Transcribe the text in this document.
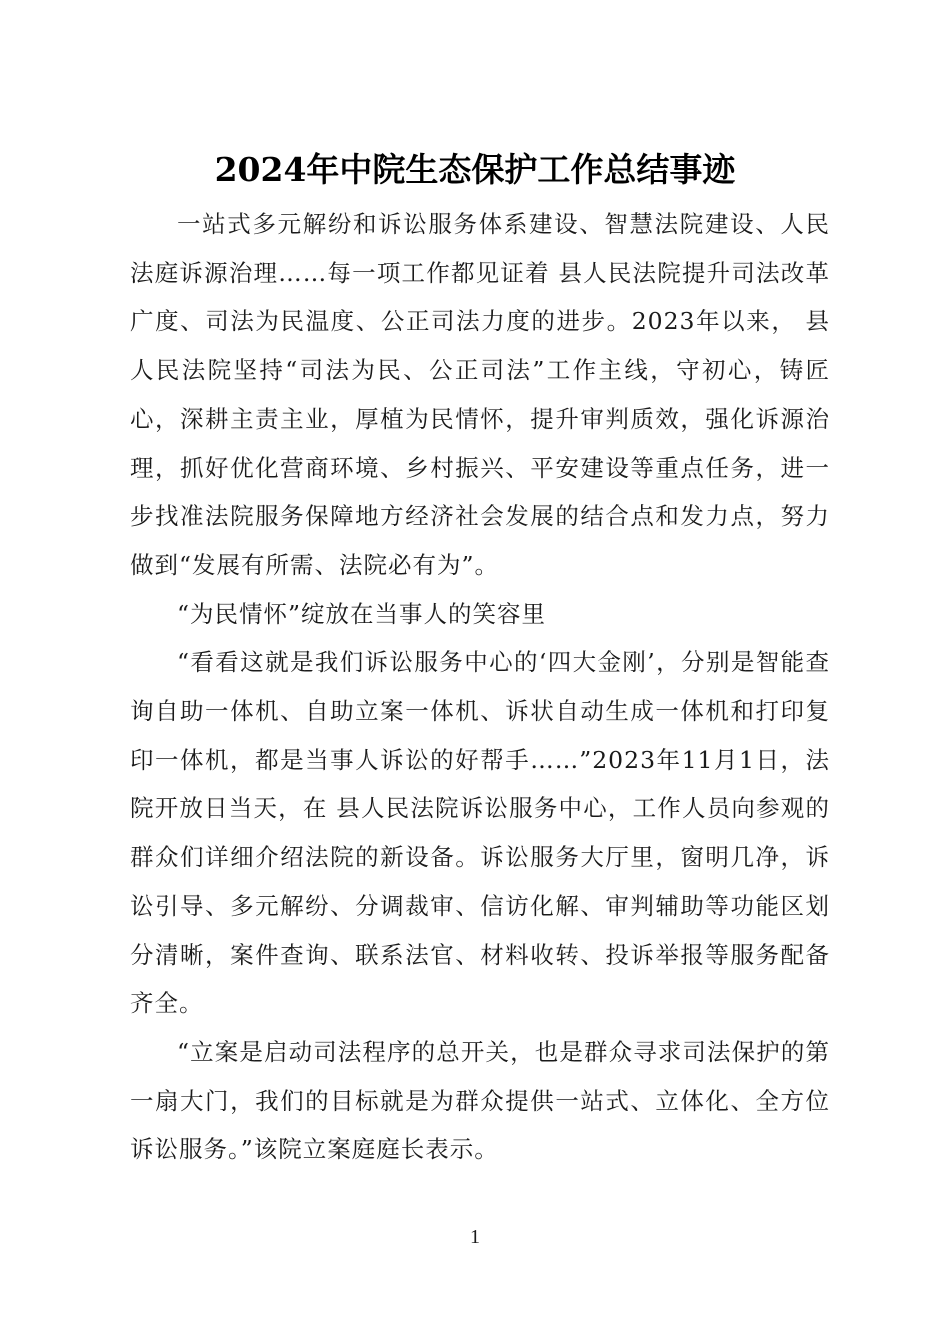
2024年中院生态保护工作总结事迹

一站式多元解纷和诉讼服务体系建设、智慧法院建设、人民法庭诉源治理……每一项工作都见证着 县人民法院提升司法改革广度、司法为民温度、公正司法力度的进步。2023年以来， 县人民法院坚持“司法为民、公正司法”工作主线，守初心，铸匠心，深耕主责主业，厚植为民情怀，提升审判质效，强化诉源治理，抓好优化营商环境、乡村振兴、平安建设等重点任务，进一步找准法院服务保障地方经济社会发展的结合点和发力点，努力做到“发展有所需、法院必有为”。

“为民情怀”绽放在当事人的笑容里

“看看这就是我们诉讼服务中心的‘四大金刚’，分别是智能查询自助一体机、自助立案一体机、诉状自动生成一体机和打印复印一体机，都是当事人诉讼的好帮手……”2023年11月1日，法院开放日当天，在 县人民法院诉讼服务中心，工作人员向参观的群众们详细介绍法院的新设备。诉讼服务大厅里，窗明几净，诉讼引导、多元解纷、分调裁审、信访化解、审判辅助等功能区划分清晰，案件查询、联系法官、材料收转、投诉举报等服务配备齐全。

“立案是启动司法程序的总开关，也是群众寻求司法保护的第一扇大门，我们的目标就是为群众提供一站式、立体化、全方位诉讼服务。”该院立案庭庭长表示。

1
